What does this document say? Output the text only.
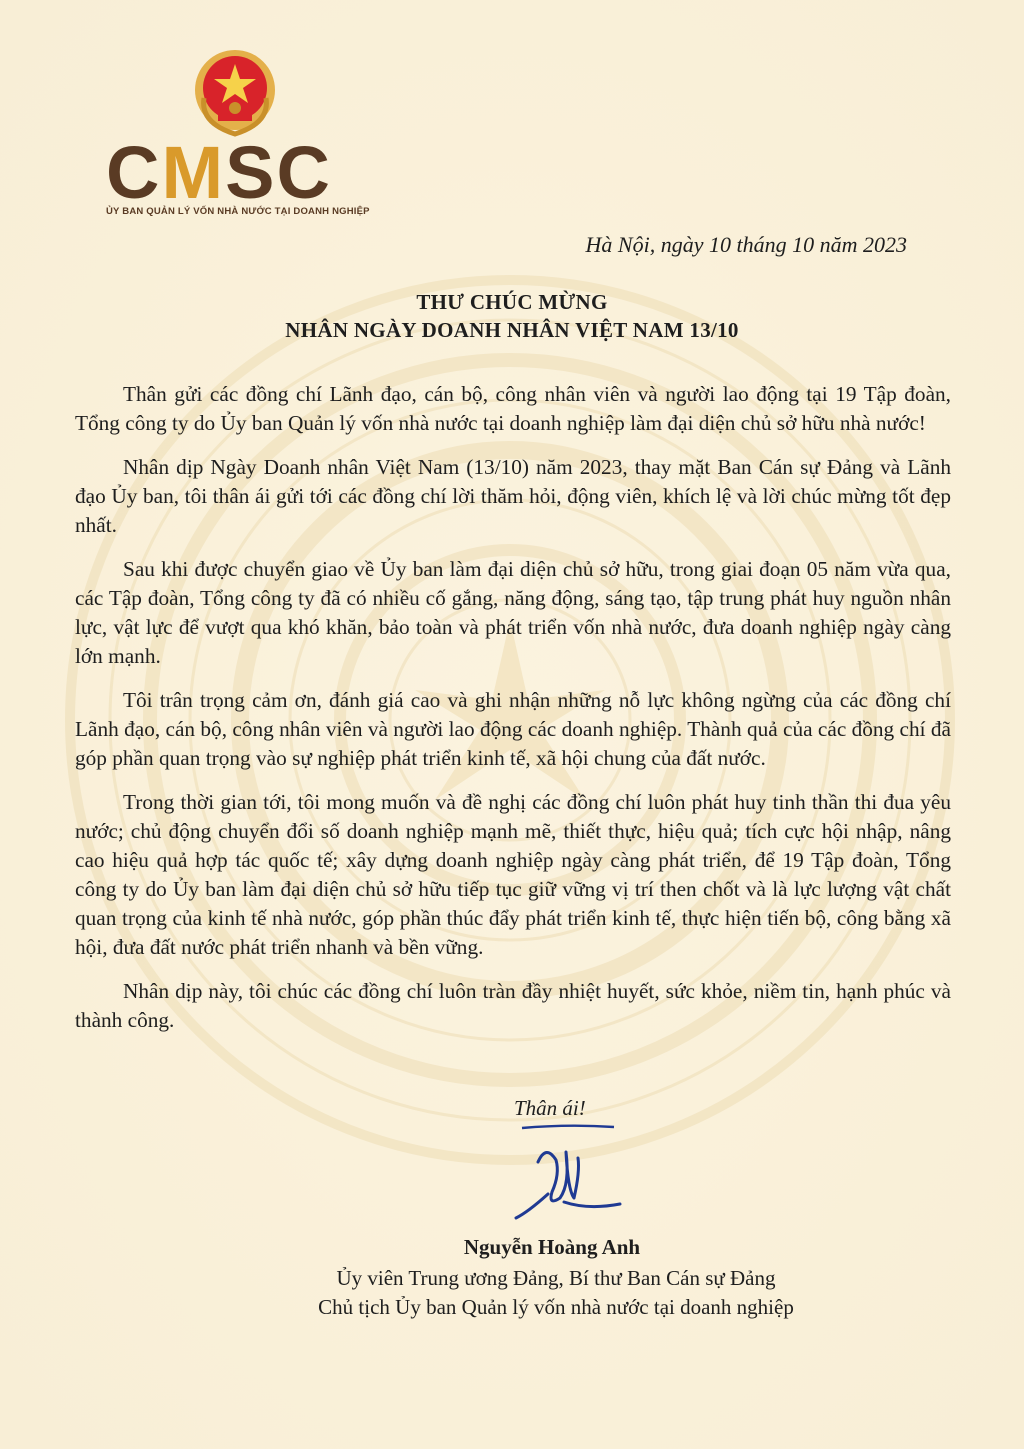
CMSC
ỦY BAN QUẢN LÝ VỐN NHÀ NƯỚC TẠI DOANH NGHIỆP
Hà Nội, ngày 10 tháng 10 năm 2023
THƯ CHÚC MỪNG
NHÂN NGÀY DOANH NHÂN VIỆT NAM 13/10

Thân gửi các đồng chí Lãnh đạo, cán bộ, công nhân viên và người lao động tại 19 Tập đoàn, Tổng công ty do Ủy ban Quản lý vốn nhà nước tại doanh nghiệp làm đại diện chủ sở hữu nhà nước!

Nhân dịp Ngày Doanh nhân Việt Nam (13/10) năm 2023, thay mặt Ban Cán sự Đảng và Lãnh đạo Ủy ban, tôi thân ái gửi tới các đồng chí lời thăm hỏi, động viên, khích lệ và lời chúc mừng tốt đẹp nhất.

Sau khi được chuyển giao về Ủy ban làm đại diện chủ sở hữu, trong giai đoạn 05 năm vừa qua, các Tập đoàn, Tổng công ty đã có nhiều cố gắng, năng động, sáng tạo, tập trung phát huy nguồn nhân lực, vật lực để vượt qua khó khăn, bảo toàn và phát triển vốn nhà nước, đưa doanh nghiệp ngày càng lớn mạnh.

Tôi trân trọng cảm ơn, đánh giá cao và ghi nhận những nỗ lực không ngừng của các đồng chí Lãnh đạo, cán bộ, công nhân viên và người lao động các doanh nghiệp. Thành quả của các đồng chí đã góp phần quan trọng vào sự nghiệp phát triển kinh tế, xã hội chung của đất nước.

Trong thời gian tới, tôi mong muốn và đề nghị các đồng chí luôn phát huy tinh thần thi đua yêu nước; chủ động chuyển đổi số doanh nghiệp mạnh mẽ, thiết thực, hiệu quả; tích cực hội nhập, nâng cao hiệu quả hợp tác quốc tế; xây dựng doanh nghiệp ngày càng phát triển, để 19 Tập đoàn, Tổng công ty do Ủy ban làm đại diện chủ sở hữu tiếp tục giữ vững vị trí then chốt và là lực lượng vật chất quan trọng của kinh tế nhà nước, góp phần thúc đẩy phát triển kinh tế, thực hiện tiến bộ, công bằng xã hội, đưa đất nước phát triển nhanh và bền vững.

Nhân dịp này, tôi chúc các đồng chí luôn tràn đầy nhiệt huyết, sức khỏe, niềm tin, hạnh phúc và thành công.

Thân ái!
Nguyễn Hoàng Anh
Ủy viên Trung ương Đảng, Bí thư Ban Cán sự Đảng
Chủ tịch Ủy ban Quản lý vốn nhà nước tại doanh nghiệp
